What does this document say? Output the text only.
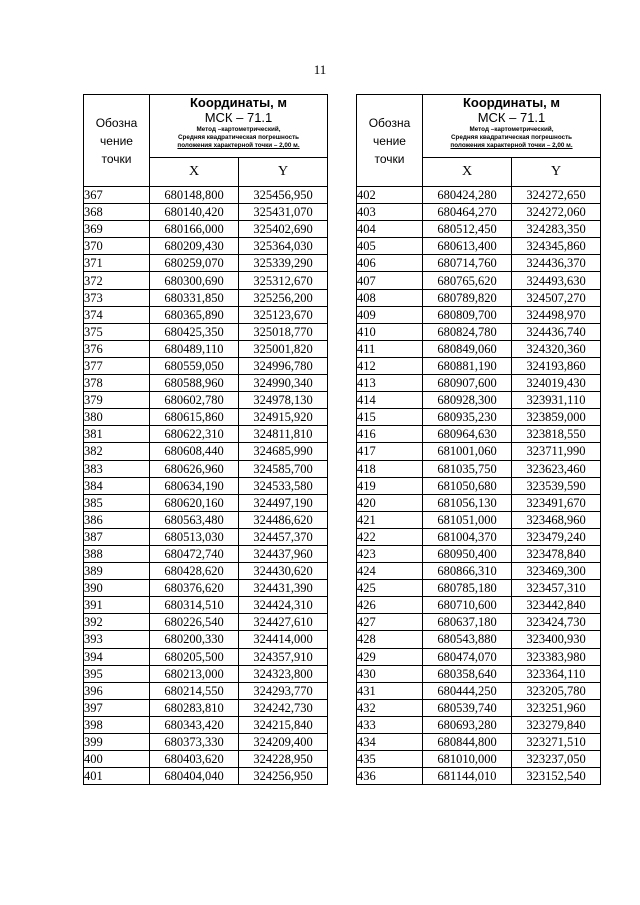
11
Обозна
чение
точки	Координаты, м
МСК – 71.1
Метод –картометрический,
Средняя квадратическая погрешность
положения характерной точки – 2,00 м.	

	X	Y
367	680148,800	325456,950
368	680140,420	325431,070
369	680166,000	325402,690
370	680209,430	325364,030
371	680259,070	325339,290
372	680300,690	325312,670
373	680331,850	325256,200
374	680365,890	325123,670
375	680425,350	325018,770
376	680489,110	325001,820
377	680559,050	324996,780
378	680588,960	324990,340
379	680602,780	324978,130
380	680615,860	324915,920
381	680622,310	324811,810
382	680608,440	324685,990
383	680626,960	324585,700
384	680634,190	324533,580
385	680620,160	324497,190
386	680563,480	324486,620
387	680513,030	324457,370
388	680472,740	324437,960
389	680428,620	324430,620
390	680376,620	324431,390
391	680314,510	324424,310
392	680226,540	324427,610
393	680200,330	324414,000
394	680205,500	324357,910
395	680213,000	324323,800
396	680214,550	324293,770
397	680283,810	324242,730
398	680343,420	324215,840
399	680373,330	324209,400
400	680403,620	324228,950
401	680404,040	324256,950
Обозна
чение
точки	Координаты, м
МСК – 71.1
Метод –картометрический,
Средняя квадратическая погрешность
положения характерной точки – 2,00 м.	

	X	Y
402	680424,280	324272,650
403	680464,270	324272,060
404	680512,450	324283,350
405	680613,400	324345,860
406	680714,760	324436,370
407	680765,620	324493,630
408	680789,820	324507,270
409	680809,700	324498,970
410	680824,780	324436,740
411	680849,060	324320,360
412	680881,190	324193,860
413	680907,600	324019,430
414	680928,300	323931,110
415	680935,230	323859,000
416	680964,630	323818,550
417	681001,060	323711,990
418	681035,750	323623,460
419	681050,680	323539,590
420	681056,130	323491,670
421	681051,000	323468,960
422	681004,370	323479,240
423	680950,400	323478,840
424	680866,310	323469,300
425	680785,180	323457,310
426	680710,600	323442,840
427	680637,180	323424,730
428	680543,880	323400,930
429	680474,070	323383,980
430	680358,640	323364,110
431	680444,250	323205,780
432	680539,740	323251,960
433	680693,280	323279,840
434	680844,800	323271,510
435	681010,000	323237,050
436	681144,010	323152,540
